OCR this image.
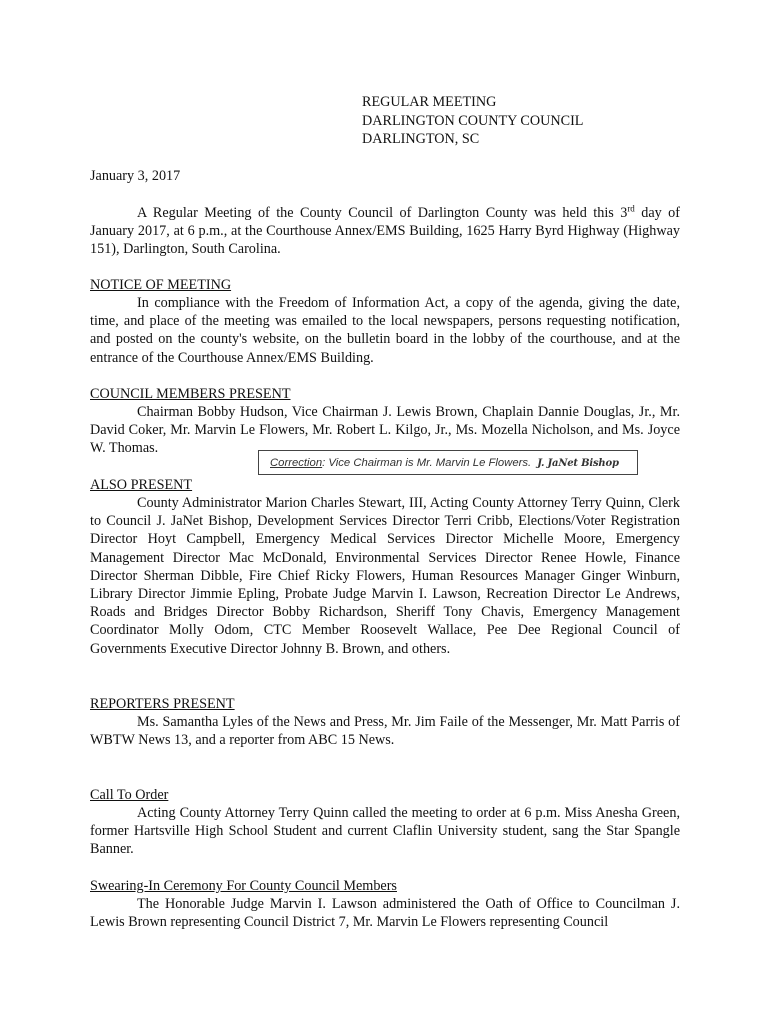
REGULAR MEETING
DARLINGTON COUNTY COUNCIL
DARLINGTON, SC
January 3, 2017
A Regular Meeting of the County Council of Darlington County was held this 3rd day of January 2017, at 6 p.m., at the Courthouse Annex/EMS Building, 1625 Harry Byrd Highway (Highway 151), Darlington, South Carolina.
NOTICE OF MEETING
In compliance with the Freedom of Information Act, a copy of the agenda, giving the date, time, and place of the meeting was emailed to the local newspapers, persons requesting notification, and posted on the county's website, on the bulletin board in the lobby of the courthouse, and at the entrance of the Courthouse Annex/EMS Building.
COUNCIL MEMBERS PRESENT
Chairman Bobby Hudson, Vice Chairman J. Lewis Brown, Chaplain Dannie Douglas, Jr., Mr. David Coker, Mr. Marvin Le Flowers, Mr. Robert L. Kilgo, Jr., Ms. Mozella Nicholson, and Ms. Joyce W. Thomas.
Correction: Vice Chairman is Mr. Marvin Le Flowers. J. JaNet Bishop
ALSO PRESENT
County Administrator Marion Charles Stewart, III, Acting County Attorney Terry Quinn, Clerk to Council J. JaNet Bishop, Development Services Director Terri Cribb, Elections/Voter Registration Director Hoyt Campbell, Emergency Medical Services Director Michelle Moore, Emergency Management Director Mac McDonald, Environmental Services Director Renee Howle, Finance Director Sherman Dibble, Fire Chief Ricky Flowers, Human Resources Manager Ginger Winburn, Library Director Jimmie Epling, Probate Judge Marvin I. Lawson, Recreation Director Le Andrews, Roads and Bridges Director Bobby Richardson, Sheriff Tony Chavis, Emergency Management Coordinator Molly Odom, CTC Member Roosevelt Wallace, Pee Dee Regional Council of Governments Executive Director Johnny B. Brown, and others.
REPORTERS PRESENT
Ms. Samantha Lyles of the News and Press, Mr. Jim Faile of the Messenger, Mr. Matt Parris of WBTW News 13, and a reporter from ABC 15 News.
Call To Order
Acting County Attorney Terry Quinn called the meeting to order at 6 p.m. Miss Anesha Green, former Hartsville High School Student and current Claflin University student, sang the Star Spangle Banner.
Swearing-In Ceremony For County Council Members
The Honorable Judge Marvin I. Lawson administered the Oath of Office to Councilman J. Lewis Brown representing Council District 7, Mr. Marvin Le Flowers representing Council
